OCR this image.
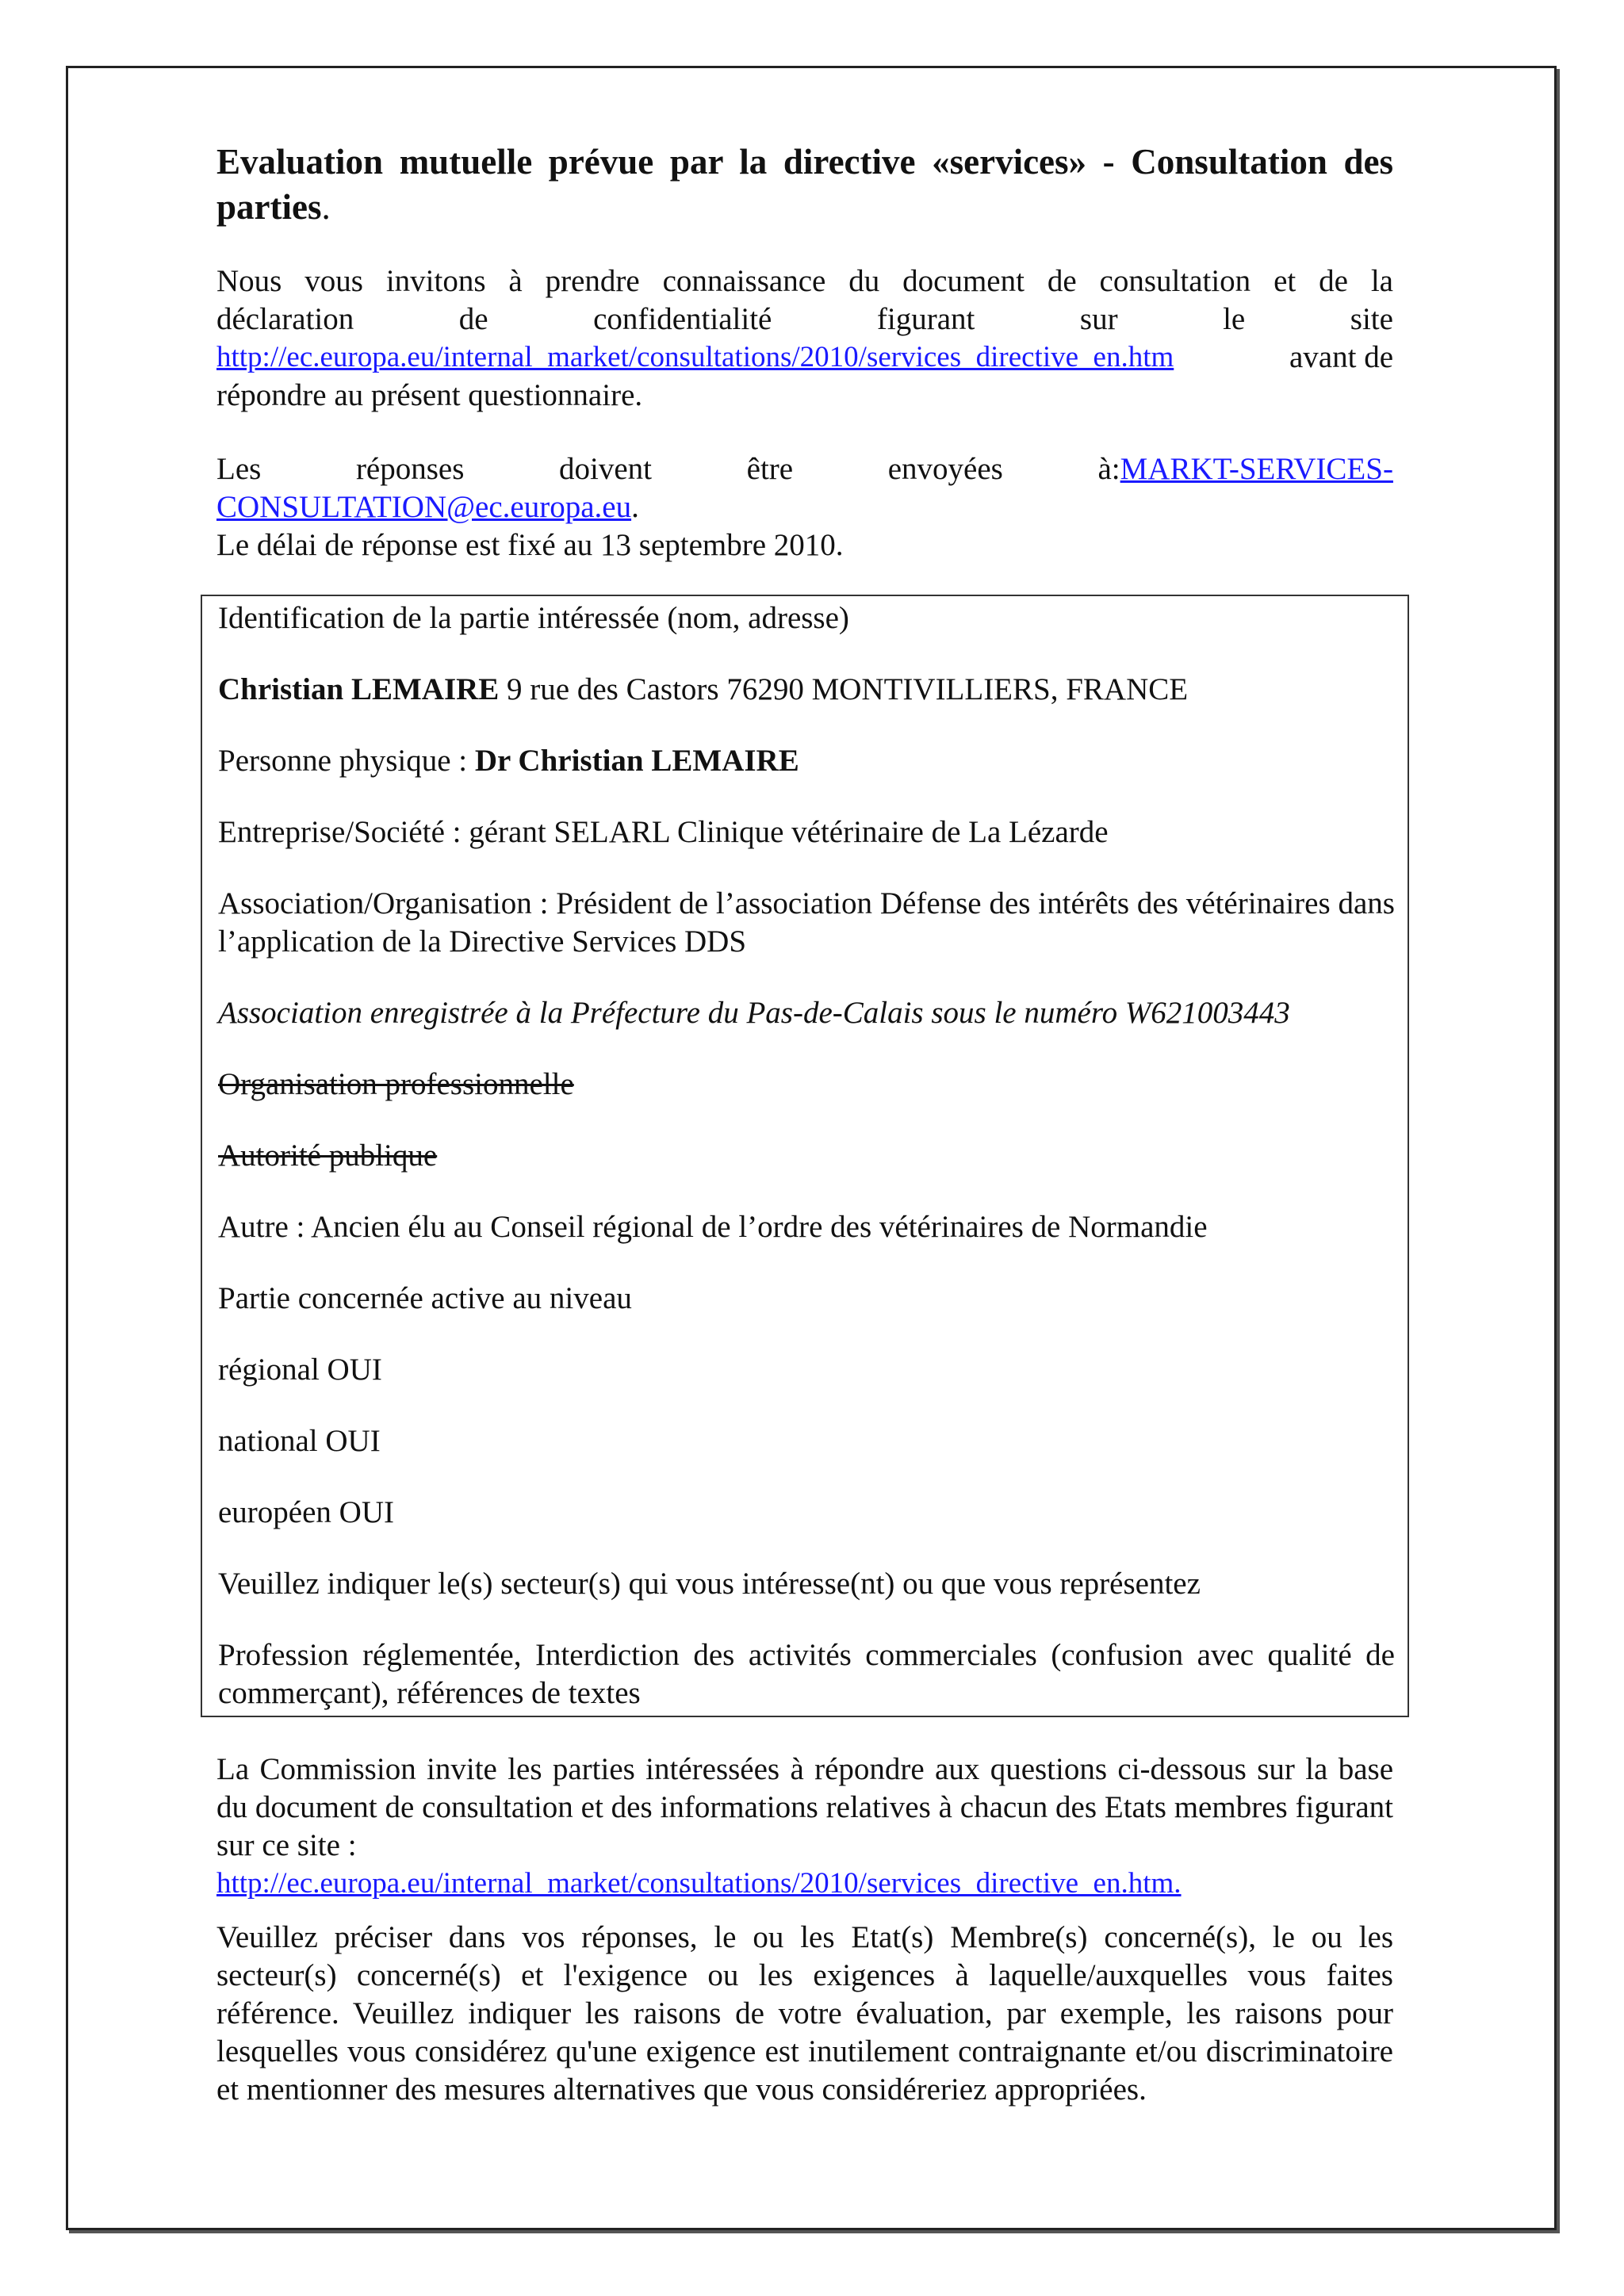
Evaluation mutuelle prévue par la directive «services» - Consultation des parties.

Nous vous invitons à prendre connaissance du document de consultation et de la

déclaration	de	confidentialité	figurant	sur	le	site
http://ec.europa.eu/internal_market/consultations/2010/services_directive_en.htm	avant de

répondre au présent questionnaire.

Les	réponses	doivent	être	envoyées	à:MARKT-SERVICES-

CONSULTATION@ec.europa.eu.

Le délai de réponse est fixé au 13 septembre 2010.

Identification de la partie intéressée (nom, adresse)

Christian LEMAIRE 9 rue des Castors 76290 MONTIVILLIERS, FRANCE

Personne physique : Dr Christian LEMAIRE

Entreprise/Société : gérant SELARL Clinique vétérinaire de La Lézarde

Association/Organisation : Président de l’association Défense des intérêts des vétérinaires dans l’application de la Directive Services DDS

Association enregistrée à la Préfecture du Pas-de-Calais sous le numéro W621003443

Organisation professionnelle

Autorité publique

Autre : Ancien élu au Conseil régional de l’ordre des vétérinaires de Normandie

Partie concernée active au niveau

régional OUI

national OUI

européen OUI

Veuillez indiquer le(s) secteur(s) qui vous intéresse(nt) ou que vous représentez

Profession réglementée, Interdiction des activités commerciales (confusion avec qualité de commerçant), références de textes

La Commission invite les parties intéressées à répondre aux questions ci-dessous sur la base du document de consultation et des informations relatives à chacun des Etats membres figurant sur ce site :

http://ec.europa.eu/internal_market/consultations/2010/services_directive_en.htm.

Veuillez préciser dans vos réponses, le ou les Etat(s) Membre(s) concerné(s), le ou les secteur(s) concerné(s) et l'exigence ou les exigences à laquelle/auxquelles vous faites référence. Veuillez indiquer les raisons de votre évaluation, par exemple, les raisons pour lesquelles vous considérez qu'une exigence est inutilement contraignante et/ou discriminatoire et mentionner des mesures alternatives que vous considéreriez appropriées.
